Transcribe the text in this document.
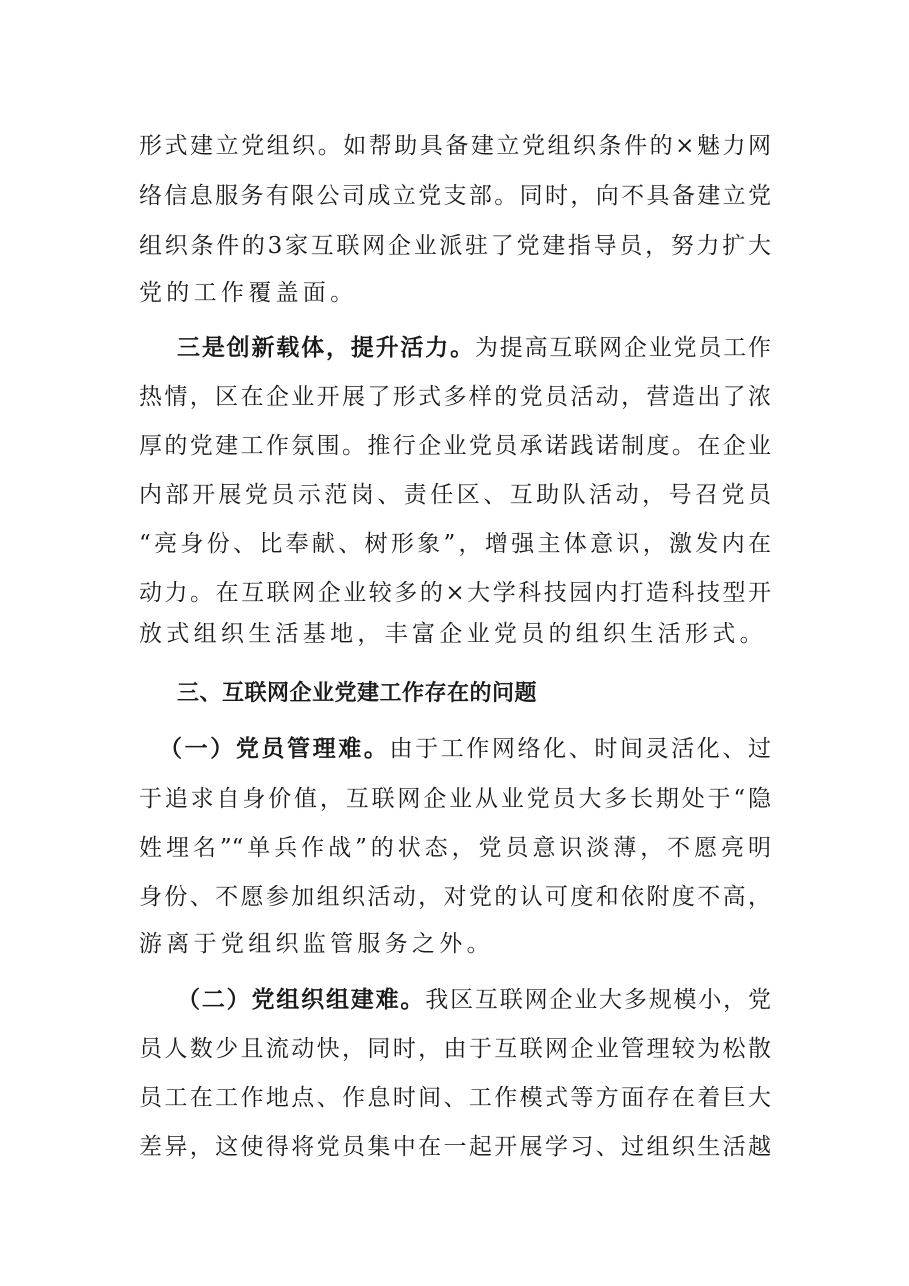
形式建立党组织。如帮助具备建立党组织条件的×魅力网
络信息服务有限公司成立党支部。同时，向不具备建立党
组织条件的3家互联网企业派驻了党建指导员，努力扩大
党的工作覆盖面。
三是创新载体，提升活力。为提高互联网企业党员工作
热情，区在企业开展了形式多样的党员活动，营造出了浓
厚的党建工作氛围。推行企业党员承诺践诺制度。在企业
内部开展党员示范岗、责任区、互助队活动，号召党员
“亮身份、比奉献、树形象”，增强主体意识，激发内在
动力。在互联网企业较多的×大学科技园内打造科技型开
放式组织生活基地，丰富企业党员的组织生活形式。
三、互联网企业党建工作存在的问题
（一）党员管理难。由于工作网络化、时间灵活化、过
于追求自身价值，互联网企业从业党员大多长期处于“隐
姓埋名”“单兵作战”的状态，党员意识淡薄，不愿亮明
身份、不愿参加组织活动，对党的认可度和依附度不高，
游离于党组织监管服务之外。
（二）党组织组建难。我区互联网企业大多规模小，党
员人数少且流动快，同时，由于互联网企业管理较为松散
员工在工作地点、作息时间、工作模式等方面存在着巨大
差异，这使得将党员集中在一起开展学习、过组织生活越
